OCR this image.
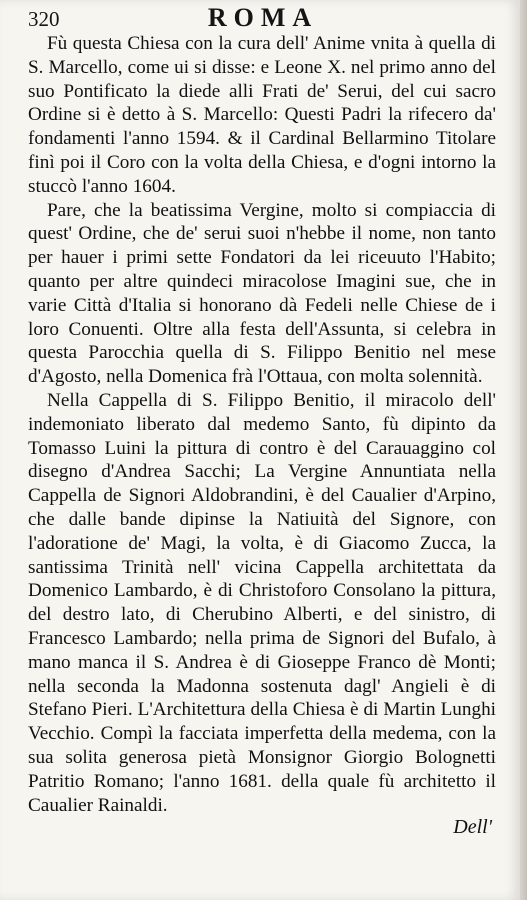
320	ROMA

Fù questa Chiesa con la cura dell' Anime vnita à quella di S. Marcello, come ui si disse: e Leone X. nel primo anno del suo Pontificato la diede alli Frati de' Serui, del cui sacro Ordine si è detto à S. Marcello: Questi Padri la rifecero da' fondamenti l'anno 1594. & il Cardinal Bellarmino Titolare finì poi il Coro con la volta della Chiesa, e d'ogni intorno la stuccò l'anno 1604.

Pare, che la beatissima Vergine, molto si compiaccia di quest' Ordine, che de' serui suoi n'hebbe il nome, non tanto per hauer i primi sette Fondatori da lei riceuuto l'Habito; quanto per altre quindeci miracolose Imagini sue, che in varie Città d'Italia si honorano dà Fedeli nelle Chiese de i loro Conuenti. Oltre alla festa dell'Assunta, si celebra in questa Parocchia quella di S. Filippo Benitio nel mese d'Agosto, nella Domenica frà l'Ottaua, con molta solennità.

Nella Cappella di S. Filippo Benitio, il miracolo dell' indemoniato liberato dal medemo Santo, fù dipinto da Tomasso Luini la pittura di contro è del Carauaggino col disegno d'Andrea Sacchi; La Vergine Annuntiata nella Cappella de Signori Aldobrandini, è del Caualier d'Arpino, che dalle bande dipinse la Natiuità del Signore, con l'adoratione de' Magi, la volta, è di Giacomo Zucca, la santissima Trinità nell' vicina Cappella architettata da Domenico Lambardo, è di Christoforo Consolano la pittura, del destro lato, di Cherubino Alberti, e del sinistro, di Francesco Lambardo; nella prima de Signori del Bufalo, à mano manca il S. Andrea è di Gioseppe Franco dè Monti; nella seconda la Madonna sostenuta dagl' Angieli è di Stefano Pieri. L'Architettura della Chiesa è di Martin Lunghi Vecchio. Compì la facciata imperfetta della medema, con la sua solita generosa pietà Monsignor Giorgio Bolognetti Patritio Romano; l'anno 1681. della quale fù architetto il Caualier Rainaldi.

Dell'
